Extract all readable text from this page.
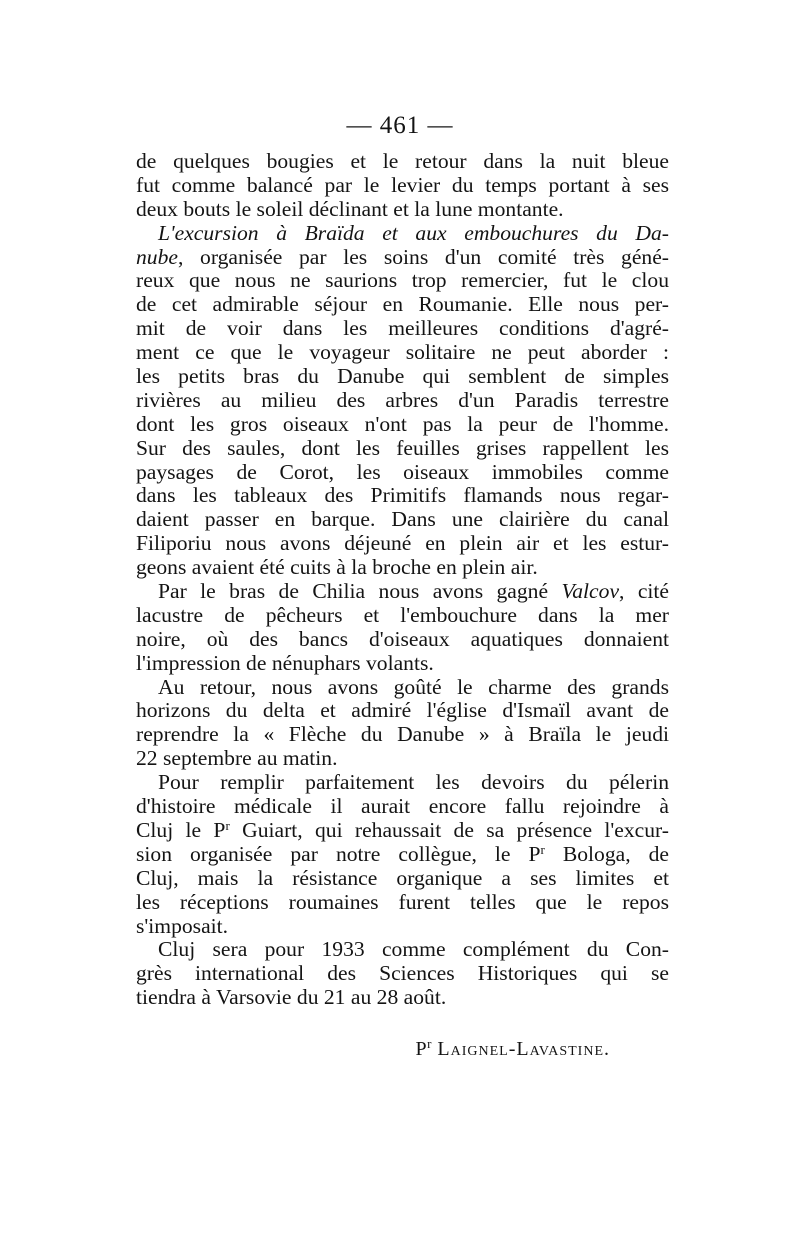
— 461 —
de quelques bougies et le retour dans la nuit bleue
fut comme balancé par le levier du temps portant à ses
deux bouts le soleil déclinant et la lune montante.
L'excursion à Braïda et aux embouchures du Da-
nube, organisée par les soins d'un comité très géné-
reux que nous ne saurions trop remercier, fut le clou
de cet admirable séjour en Roumanie. Elle nous per-
mit de voir dans les meilleures conditions d'agré-
ment ce que le voyageur solitaire ne peut aborder :
les petits bras du Danube qui semblent de simples
rivières au milieu des arbres d'un Paradis terrestre
dont les gros oiseaux n'ont pas la peur de l'homme.
Sur des saules, dont les feuilles grises rappellent les
paysages de Corot, les oiseaux immobiles comme
dans les tableaux des Primitifs flamands nous regar-
daient passer en barque. Dans une clairière du canal
Filiporiu nous avons déjeuné en plein air et les estur-
geons avaient été cuits à la broche en plein air.
Par le bras de Chilia nous avons gagné Valcov, cité
lacustre de pêcheurs et l'embouchure dans la mer
noire, où des bancs d'oiseaux aquatiques donnaient
l'impression de nénuphars volants.
Au retour, nous avons goûté le charme des grands
horizons du delta et admiré l'église d'Ismaïl avant de
reprendre la « Flèche du Danube » à Braïla le jeudi
22 septembre au matin.
Pour remplir parfaitement les devoirs du pélerin
d'histoire médicale il aurait encore fallu rejoindre à
Cluj le $P^r$ Guiart, qui rehaussait de sa présence l'excur-
sion organisée par notre collègue, le $P^r$ Bologa, de
Cluj, mais la résistance organique a ses limites et
les réceptions roumaines furent telles que le repos
s'imposait.
Cluj sera pour 1933 comme complément du Con-
grès international des Sciences Historiques qui se
tiendra à Varsovie du 21 au 28 août.
$P^r$ Laignel-Lavastine.
